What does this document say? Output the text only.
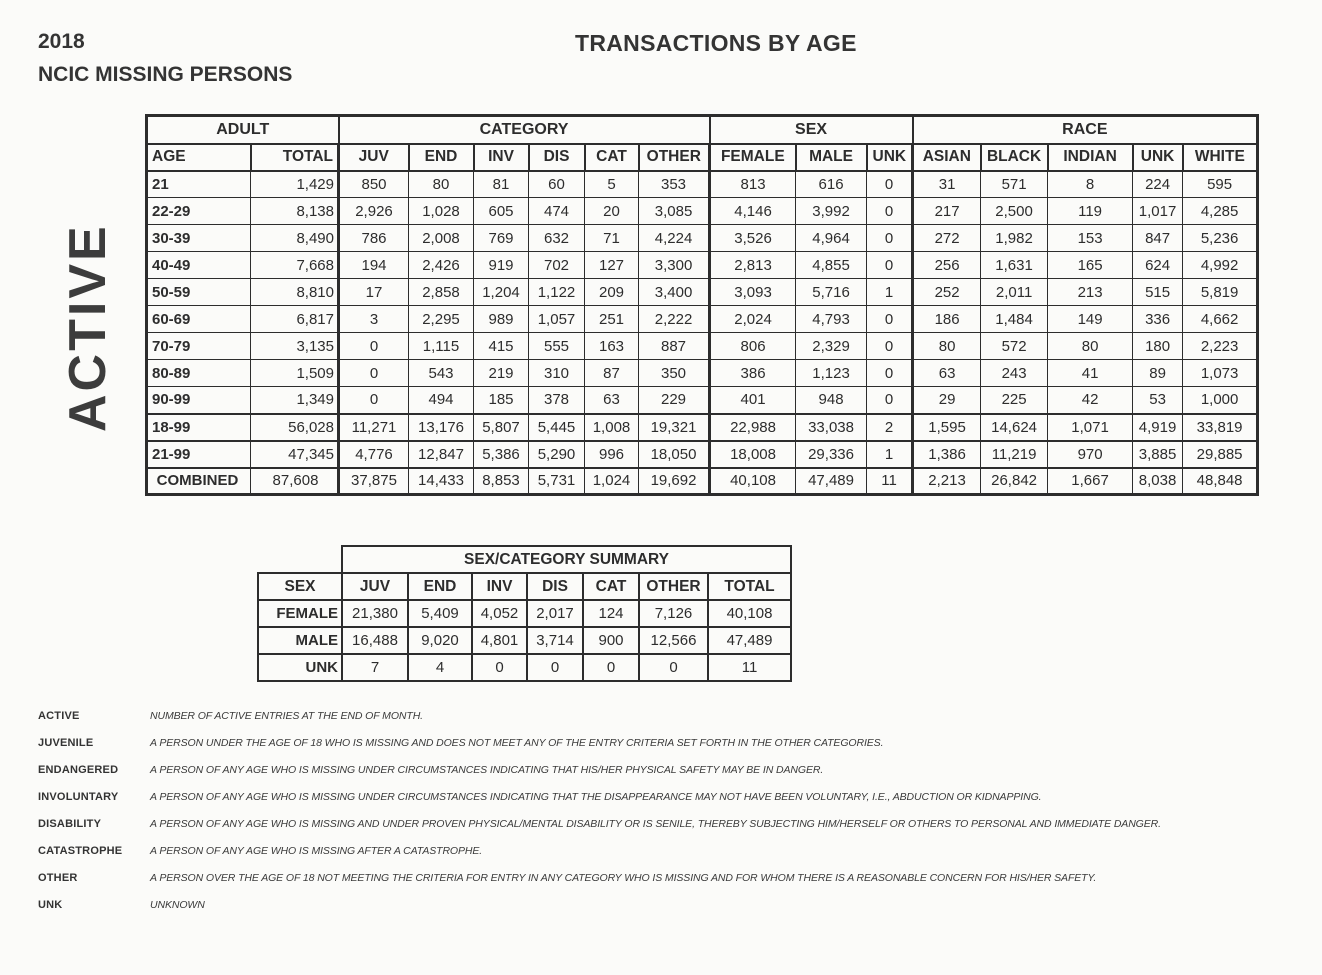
2018
NCIC MISSING PERSONS
TRANSACTIONS BY AGE
ACTIVE
ADULT		CATEGORY						SEX			RACE				
AGE	TOTAL	JUV	END	INV	DIS	CAT	OTHER	FEMALE	MALE	UNK	ASIAN	BLACK	INDIAN	UNK	WHITE
21	1,429	850	80	81	60	5	353	813	616	0	31	571	8	224	595
22-29	8,138	2,926	1,028	605	474	20	3,085	4,146	3,992	0	217	2,500	119	1,017	4,285
30-39	8,490	786	2,008	769	632	71	4,224	3,526	4,964	0	272	1,982	153	847	5,236
40-49	7,668	194	2,426	919	702	127	3,300	2,813	4,855	0	256	1,631	165	624	4,992
50-59	8,810	17	2,858	1,204	1,122	209	3,400	3,093	5,716	1	252	2,011	213	515	5,819
60-69	6,817	3	2,295	989	1,057	251	2,222	2,024	4,793	0	186	1,484	149	336	4,662
70-79	3,135	0	1,115	415	555	163	887	806	2,329	0	80	572	80	180	2,223
80-89	1,509	0	543	219	310	87	350	386	1,123	0	63	243	41	89	1,073
90-99	1,349	0	494	185	378	63	229	401	948	0	29	225	42	53	1,000
18-99	56,028	11,271	13,176	5,807	5,445	1,008	19,321	22,988	33,038	2	1,595	14,624	1,071	4,919	33,819
21-99	47,345	4,776	12,847	5,386	5,290	996	18,050	18,008	29,336	1	1,386	11,219	970	3,885	29,885
COMBINED	87,608	37,875	14,433	8,853	5,731	1,024	19,692	40,108	47,489	11	2,213	26,842	1,667	8,038	48,848
	SEX/CATEGORY SUMMARY						
SEX	JUV	END	INV	DIS	CAT	OTHER	TOTAL
FEMALE	21,380	5,409	4,052	2,017	124	7,126	40,108
MALE	16,488	9,020	4,801	3,714	900	12,566	47,489
UNK	7	4	0	0	0	0	11
ACTIVE	NUMBER OF ACTIVE ENTRIES AT THE END OF MONTH.
JUVENILE	A PERSON UNDER THE AGE OF 18 WHO IS MISSING AND DOES NOT MEET ANY OF THE ENTRY CRITERIA SET FORTH IN THE OTHER CATEGORIES.
ENDANGERED	A PERSON OF ANY AGE WHO IS MISSING UNDER CIRCUMSTANCES INDICATING THAT HIS/HER PHYSICAL SAFETY MAY BE IN DANGER.
INVOLUNTARY	A PERSON OF ANY AGE WHO IS MISSING UNDER CIRCUMSTANCES INDICATING THAT THE DISAPPEARANCE MAY NOT HAVE BEEN VOLUNTARY, I.E., ABDUCTION OR KIDNAPPING.
DISABILITY	A PERSON OF ANY AGE WHO IS MISSING AND UNDER PROVEN PHYSICAL/MENTAL DISABILITY OR IS SENILE, THEREBY SUBJECTING HIM/HERSELF OR OTHERS TO PERSONAL AND IMMEDIATE DANGER.
CATASTROPHE	A PERSON OF ANY AGE WHO IS MISSING AFTER A CATASTROPHE.
OTHER	A PERSON OVER THE AGE OF 18 NOT MEETING THE CRITERIA FOR ENTRY IN ANY CATEGORY WHO IS MISSING AND FOR WHOM THERE IS A REASONABLE CONCERN FOR HIS/HER SAFETY.
UNK	UNKNOWN
